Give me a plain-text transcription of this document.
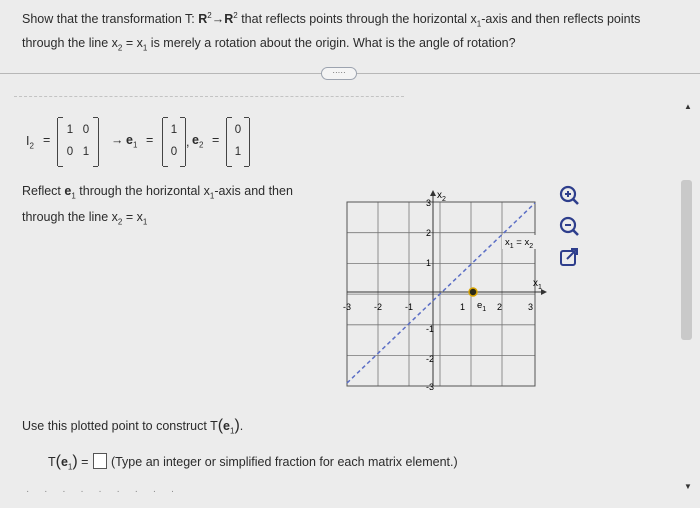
Show that the transformation T: $R^2\to R^2$ that reflects points through the horizontal $x_1$-axis and then reflects points
through the line $x_2 = x_1$ is merely a rotation about the origin. What is the angle of rotation?
·····
$I_2$ =
1 0
0 1
→ $e_1$ =
1
0
, $e_2$ =
0
1
Reflect $e_1$ through the horizontal $x_1$-axis and then
through the line $x_2 = x_1$
-3	-2	-1	1	2	3
3
2
1
-1
-2
-3
$x_2$
$x_1$
$x_1 = x_2$
$e_1$
▲
▼
Use this plotted point to construct $T(e_1)$.
$T(e_1)$ = (Type an integer or simplified fraction for each matrix element.)
· · · · · · · · ·
